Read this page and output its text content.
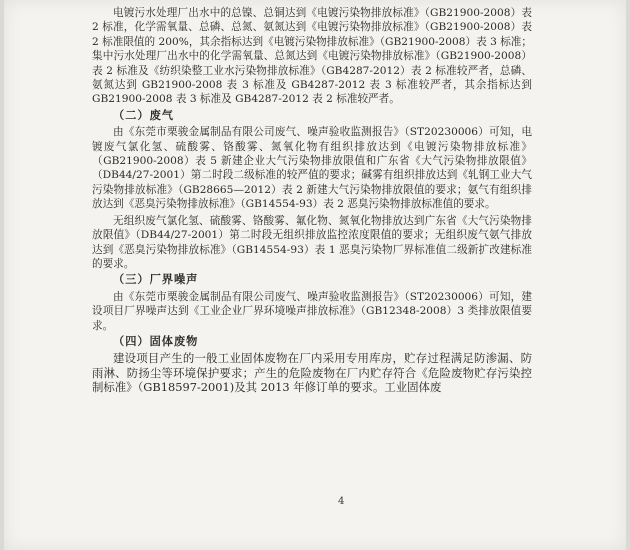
电镀污水处理厂出水中的总镍、总铜达到《电镀污染物排放标准》（GB21900-2008）表 2 标准，化学需氧量、总磷、总氮、氨氮达到《电镀污染物排放标准》（GB21900-2008）表 2 标准限值的 200%，其余指标达到《电镀污染物排放标准》（GB21900-2008）表 3 标准；集中污水处理厂出水中的化学需氧量、总氮达到《电镀污染物排放标准》（GB21900-2008）表 2 标准及《纺织染整工业水污染物排放标准》（GB4287-2012）表 2 标准较严者，总磷、氨氮达到 GB21900-2008 表 3 标准及 GB4287-2012 表 3 标准较严者，其余指标达到 GB21900-2008 表 3 标准及 GB4287-2012 表 2 标准较严者。

（二）废气

由《东莞市栗骏金属制品有限公司废气、噪声验收监测报告》（ST20230006）可知，电镀废气氯化氢、硫酸雾、铬酸雾、氮氧化物有组织排放达到《电镀污染物排放标准》（GB21900-2008）表 5 新建企业大气污染物排放限值和广东省《大气污染物排放限值》（DB44/27-2001）第二时段二级标准的较严值的要求；碱雾有组织排放达到《轧钢工业大气污染物排放标准》（GB28665—2012）表 2 新建大气污染物排放限值的要求；氨气有组织排放达到《恶臭污染物排放标准》（GB14554-93）表 2 恶臭污染物排放标准值的要求。

无组织废气氯化氢、硫酸雾、铬酸雾、氟化物、氮氧化物排放达到广东省《大气污染物排放限值》（DB44/27-2001）第二时段无组织排放监控浓度限值的要求；无组织废气氨气排放达到《恶臭污染物排放标准》（GB14554-93）表 1 恶臭污染物厂界标准值二级新扩改建标准的要求。

（三）厂界噪声

由《东莞市栗骏金属制品有限公司废气、噪声验收监测报告》（ST20230006）可知，建设项目厂界噪声达到《工业企业厂界环境噪声排放标准》（GB12348-2008）3 类排放限值要求。

（四）固体废物

建设项目产生的一般工业固体废物在厂内采用专用库房，贮存过程满足防渗漏、防雨淋、防扬尘等环境保护要求；产生的危险废物在厂内贮存符合《危险废物贮存污染控制标准》（GB18597-2001)及其 2013 年修订单的要求。工业固体废

4
